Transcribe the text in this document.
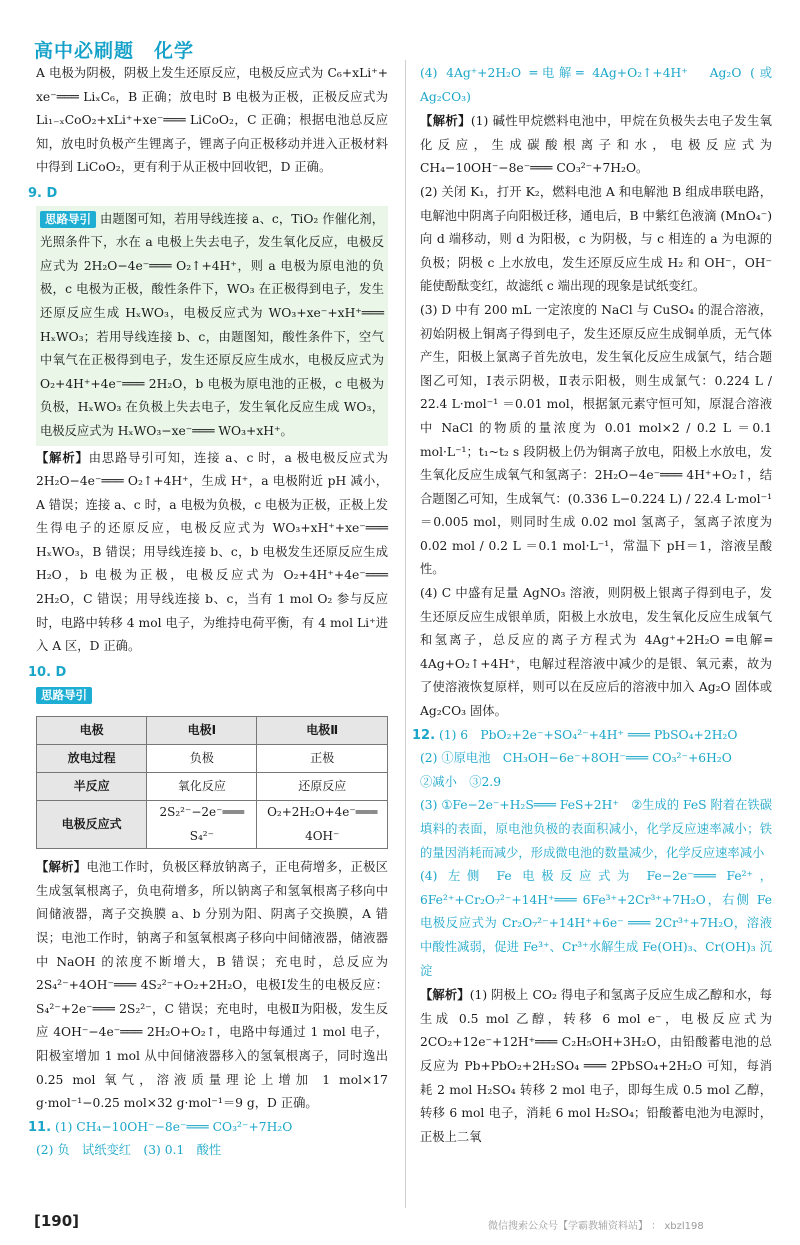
高中必刷题　化学

A 电极为阴极，阴极上发生还原反应，电极反应式为 C₆+xLi⁺+ xe⁻═══ LiₓC₆，B 正确；放电时 B 电极为正极，正极反应式为 Li₁₋ₓCoO₂+xLi⁺+xe⁻═══ LiCoO₂，C 正确；根据电池总反应知，放电时负极产生锂离子，锂离子向正极移动并进入正极材料中得到 LiCoO₂，更有利于从正极中回收钯，D 正确。

9. D

思路导引 由题图可知，若用导线连接 a、c，TiO₂ 作催化剂，光照条件下，水在 a 电极上失去电子，发生氧化反应，电极反应式为 2H₂O−4e⁻═══ O₂↑+4H⁺，则 a 电极为原电池的负极，c 电极为正极，酸性条件下，WO₃ 在正极得到电子，发生还原反应生成 HₓWO₃，电极反应式为 WO₃+xe⁻+xH⁺═══ HₓWO₃；若用导线连接 b、c，由题图知，酸性条件下，空气中氧气在正极得到电子，发生还原反应生成水，电极反应式为 O₂+4H⁺+4e⁻═══ 2H₂O，b 电极为原电池的正极，c 电极为负极，HₓWO₃ 在负极上失去电子，发生氧化反应生成 WO₃，电极反应式为 HₓWO₃−xe⁻═══ WO₃+xH⁺。

【解析】由思路导引可知，连接 a、c 时，a 极电极反应式为 2H₂O−4e⁻═══ O₂↑+4H⁺，生成 H⁺，a 电极附近 pH 减小，A 错误；连接 a、c 时，a 电极为负极，c 电极为正极，正极上发生得电子的还原反应，电极反应式为 WO₃+xH⁺+xe⁻═══ HₓWO₃，B 错误；用导线连接 b、c，b 电极发生还原反应生成 H₂O，b 电极为正极，电极反应式为 O₂+4H⁺+4e⁻═══ 2H₂O，C 错误；用导线连接 b、c，当有 1 mol O₂ 参与反应时，电路中转移 4 mol 电子，为维持电荷平衡，有 4 mol Li⁺进入 A 区，D 正确。

10. D

思路导引
电极	电极Ⅰ	电极Ⅱ
放电过程	负极	正极
半反应	氧化反应	还原反应
电极反应式	2S₂²⁻−2e⁻═══ S₄²⁻	O₂+2H₂O+4e⁻═══ 4OH⁻

【解析】电池工作时，负极区释放钠离子，正电荷增多，正极区生成氢氧根离子，负电荷增多，所以钠离子和氢氧根离子移向中间储液器，离子交换膜 a、b 分别为阳、阴离子交换膜，A 错误；电池工作时，钠离子和氢氧根离子移向中间储液器，储液器中 NaOH 的浓度不断增大，B 错误；充电时，总反应为 2S₄²⁻+4OH⁻═══ 4S₂²⁻+O₂+2H₂O，电极Ⅰ发生的电极反应：S₄²⁻+2e⁻═══ 2S₂²⁻，C 错误；充电时，电极Ⅱ为阳极，发生反应 4OH⁻−4e⁻═══ 2H₂O+O₂↑，电路中每通过 1 mol 电子，阳极室增加 1 mol 从中间储液器移入的氢氧根离子，同时逸出 0.25 mol 氧气，溶液质量理论上增加 1 mol×17 g·mol⁻¹−0.25 mol×32 g·mol⁻¹＝9 g，D 正确。

11. (1) CH₄−10OH⁻−8e⁻═══ CO₃²⁻+7H₂O

(2) 负　试纸变红　(3) 0.1　酸性

(4) 4Ag⁺+2H₂O ═电解═ 4Ag+O₂↑+4H⁺　Ag₂O (或 Ag₂CO₃)

【解析】(1) 碱性甲烷燃料电池中，甲烷在负极失去电子发生氧化反应，生成碳酸根离子和水，电极反应式为 CH₄−10OH⁻−8e⁻═══ CO₃²⁻+7H₂O。

(2) 关闭 K₁，打开 K₂，燃料电池 A 和电解池 B 组成串联电路，电解池中阴离子向阳极迁移，通电后，B 中紫红色液滴 (MnO₄⁻) 向 d 端移动，则 d 为阳极，c 为阴极，与 c 相连的 a 为电源的负极；阴极 c 上水放电，发生还原反应生成 H₂ 和 OH⁻，OH⁻能使酚酞变红，故滤纸 c 端出现的现象是试纸变红。

(3) D 中有 200 mL 一定浓度的 NaCl 与 CuSO₄ 的混合溶液，初始阴极上铜离子得到电子，发生还原反应生成铜单质，无气体产生，阳极上氯离子首先放电，发生氧化反应生成氯气，结合题图乙可知，Ⅰ表示阴极，Ⅱ表示阳极，则生成氯气：0.224 L / 22.4 L·mol⁻¹ ＝0.01 mol，根据氯元素守恒可知，原混合溶液中 NaCl 的物质的量浓度为 0.01 mol×2 / 0.2 L ＝0.1 mol·L⁻¹；t₁~t₂ s 段阴极上仍为铜离子放电，阳极上水放电，发生氧化反应生成氧气和氢离子：2H₂O−4e⁻═══ 4H⁺+O₂↑，结合题图乙可知，生成氧气：(0.336 L−0.224 L) / 22.4 L·mol⁻¹ ＝0.005 mol，则同时生成 0.02 mol 氢离子，氢离子浓度为 0.02 mol / 0.2 L ＝0.1 mol·L⁻¹，常温下 pH＝1，溶液呈酸性。

(4) C 中盛有足量 AgNO₃ 溶液，则阴极上银离子得到电子，发生还原反应生成银单质，阳极上水放电，发生氧化反应生成氧气和氢离子，总反应的离子方程式为 4Ag⁺+2H₂O ═电解═ 4Ag+O₂↑+4H⁺，电解过程溶液中减少的是银、氧元素，故为了使溶液恢复原样，则可以在反应后的溶液中加入 Ag₂O 固体或 Ag₂CO₃ 固体。

12. (1) 6　PbO₂+2e⁻+SO₄²⁻+4H⁺ ═══ PbSO₄+2H₂O

(2) ①原电池　CH₃OH−6e⁻+8OH⁻═══ CO₃²⁻+6H₂O

②减小　③2.9

(3) ①Fe−2e⁻+H₂S═══ FeS+2H⁺　②生成的 FeS 附着在铁碳填料的表面，原电池负极的表面积减小，化学反应速率减小；铁的量因消耗而减少，形成微电池的数量减少，化学反应速率减小

(4) 左侧 Fe 电极反应式为 Fe−2e⁻═══ Fe²⁺，6Fe²⁺+Cr₂O₇²⁻+14H⁺═══ 6Fe³⁺+2Cr³⁺+7H₂O，右侧 Fe 电极反应式为 Cr₂O₇²⁻+14H⁺+6e⁻ ═══ 2Cr³⁺+7H₂O，溶液中酸性减弱，促进 Fe³⁺、Cr³⁺水解生成 Fe(OH)₃、Cr(OH)₃ 沉淀

【解析】(1) 阴极上 CO₂ 得电子和氢离子反应生成乙醇和水，每生成 0.5 mol 乙醇，转移 6 mol e⁻，电极反应式为 2CO₂+12e⁻+12H⁺═══ C₂H₅OH+3H₂O，由铅酸蓄电池的总反应为 Pb+PbO₂+2H₂SO₄ ═══ 2PbSO₄+2H₂O 可知，每消耗 2 mol H₂SO₄ 转移 2 mol 电子，即每生成 0.5 mol 乙醇，转移 6 mol 电子，消耗 6 mol H₂SO₄；铅酸蓄电池为电源时，正极上二氧

[190]	微信搜索公众号【学霸教辅资料站】 ： xbzl198
